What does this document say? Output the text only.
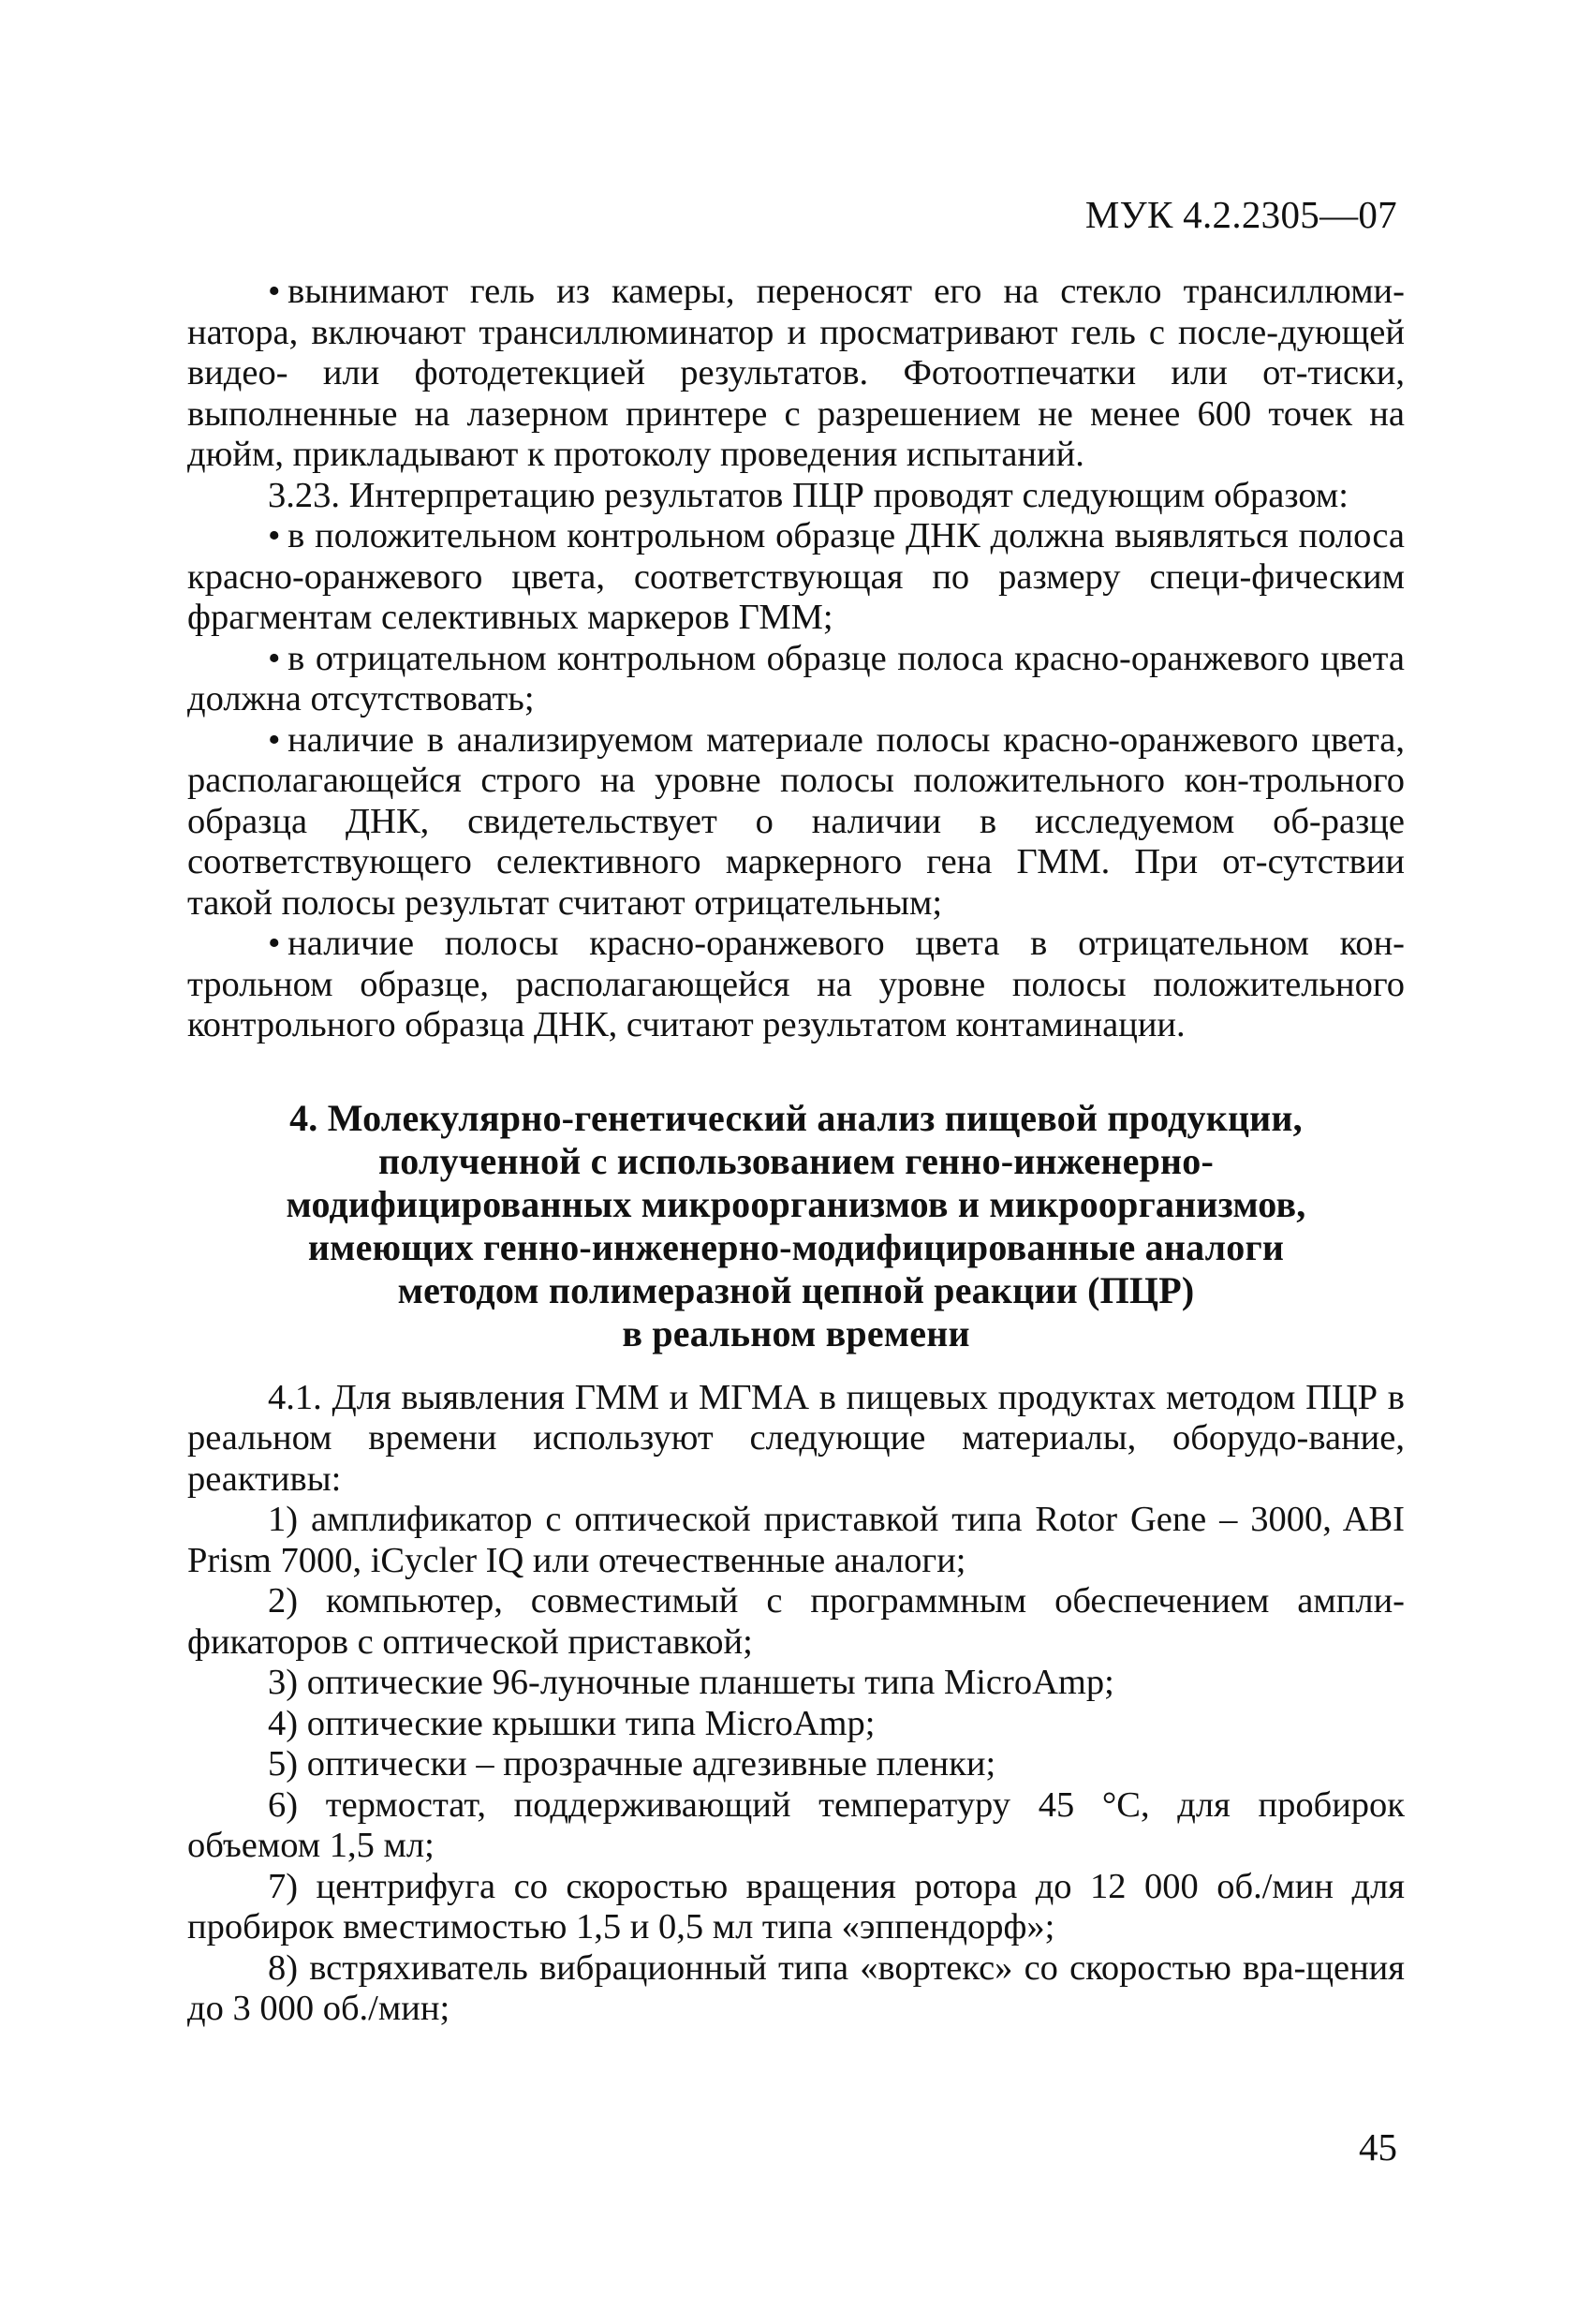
МУК 4.2.2305—07

• вынимают гель из камеры, переносят его на стекло трансиллюми-натора, включают трансиллюминатор и просматривают гель с после-дующей видео- или фотодетекцией результатов. Фотоотпечатки или от-тиски, выполненные на лазерном принтере с разрешением не менее 600 точек на дюйм, прикладывают к протоколу проведения испытаний.

3.23. Интерпретацию результатов ПЦР проводят следующим образом:

• в положительном контрольном образце ДНК должна выявляться полоса красно-оранжевого цвета, соответствующая по размеру специ-фическим фрагментам селективных маркеров ГММ;

• в отрицательном контрольном образце полоса красно-оранжевого цвета должна отсутствовать;

• наличие в анализируемом материале полосы красно-оранжевого цвета, располагающейся строго на уровне полосы положительного кон-трольного образца ДНК, свидетельствует о наличии в исследуемом об-разце соответствующего селективного маркерного гена ГММ. При от-сутствии такой полосы результат считают отрицательным;

• наличие полосы красно-оранжевого цвета в отрицательном кон-трольном образце, располагающейся на уровне полосы положительного контрольного образца ДНК, считают результатом контаминации.

4. Молекулярно-генетический анализ пищевой продукции,
полученной с использованием генно-инженерно-
модифицированных микроорганизмов и микроорганизмов,
имеющих генно-инженерно-модифицированные аналоги
методом полимеразной цепной реакции (ПЦР)
в реальном времени

4.1. Для выявления ГММ и МГМА в пищевых продуктах методом ПЦР в реальном времени используют следующие материалы, оборудо-вание, реактивы:

1) амплификатор с оптической приставкой типа Rotor Gene – 3000, ABI Prism 7000, iCycler IQ или отечественные аналоги;

2) компьютер, совместимый с программным обеспечением ампли-фикаторов с оптической приставкой;

3) оптические 96-луночные планшеты типа MicroAmp;

4) оптические крышки типа MicroAmp;

5) оптически – прозрачные адгезивные пленки;

6) термостат, поддерживающий температуру 45 °С, для пробирок объемом 1,5 мл;

7) центрифуга со скоростью вращения ротора до 12 000 об./мин для пробирок вместимостью 1,5 и 0,5 мл типа «эппендорф»;

8) встряхиватель вибрационный типа «вортекс» со скоростью вра-щения до 3 000 об./мин;

45
